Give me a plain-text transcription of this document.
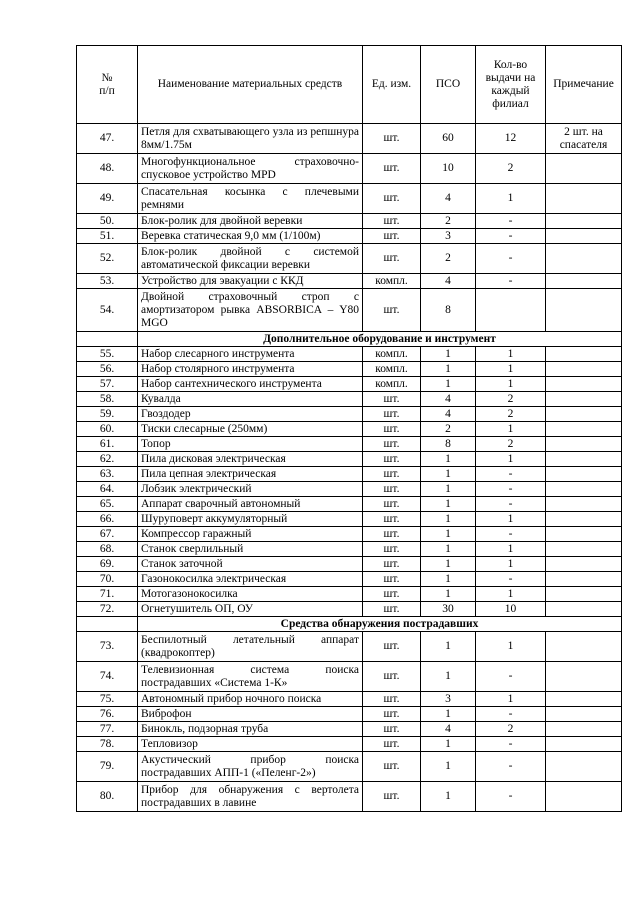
№
п/п	Наименование материальных средств	Ед. изм.	ПСО	Кол-во выдачи на каждый филиал	Примечание
47.	Петля для схватывающего узла из репшнура 8мм/1.75м	шт.	60	12	2 шт. на спасателя
48.	Многофункциональное страховочно-спусковое устройство MPD	шт.	10	2	
49.	Спасательная косынка с плечевыми ремнями	шт.	4	1	
50.	Блок-ролик для двойной веревки	шт.	2	-	
51.	Веревка статическая 9,0 мм (1/100м)	шт.	3	-	
52.	Блок-ролик двойной с системой автоматической фиксации веревки	шт.	2	-	
53.	Устройство для эвакуации с ККД	компл.	4	-	
54.	Двойной страховочный строп с амортизатором рывка ABSORBICA – Y80 MGO	шт.	8		
	Дополнительное оборудование и инструмент				
55.	Набор слесарного инструмента	компл.	1	1	
56.	Набор столярного инструмента	компл.	1	1	
57.	Набор сантехнического инструмента	компл.	1	1	
58.	Кувалда	шт.	4	2	
59.	Гвоздодер	шт.	4	2	
60.	Тиски слесарные (250мм)	шт.	2	1	
61.	Топор	шт.	8	2	
62.	Пила дисковая электрическая	шт.	1	1	
63.	Пила цепная электрическая	шт.	1	-	
64.	Лобзик электрический	шт.	1	-	
65.	Аппарат сварочный автономный	шт.	1	-	
66.	Шуруповерт аккумуляторный	шт.	1	1	
67.	Компрессор гаражный	шт.	1	-	
68.	Станок сверлильный	шт.	1	1	
69.	Станок заточной	шт.	1	1	
70.	Газонокосилка электрическая	шт.	1	-	
71.	Мотогазонокосилка	шт.	1	1	
72.	Огнетушитель ОП, ОУ	шт.	30	10	
	Средства обнаружения пострадавших				
73.	Беспилотный летательный аппарат (квадрокоптер)	шт.	1	1	
74.	Телевизионная система поиска пострадавших «Система 1-К»	шт.	1	-	
75.	Автономный прибор ночного поиска	шт.	3	1	
76.	Виброфон	шт.	1	-	
77.	Бинокль, подзорная труба	шт.	4	2	
78.	Тепловизор	шт.	1	-	
79.	Акустический прибор поиска пострадавших АПП-1 («Пеленг-2»)	шт.	1	-	
80.	Прибор для обнаружения с вертолета пострадавших в лавине	шт.	1	-	
